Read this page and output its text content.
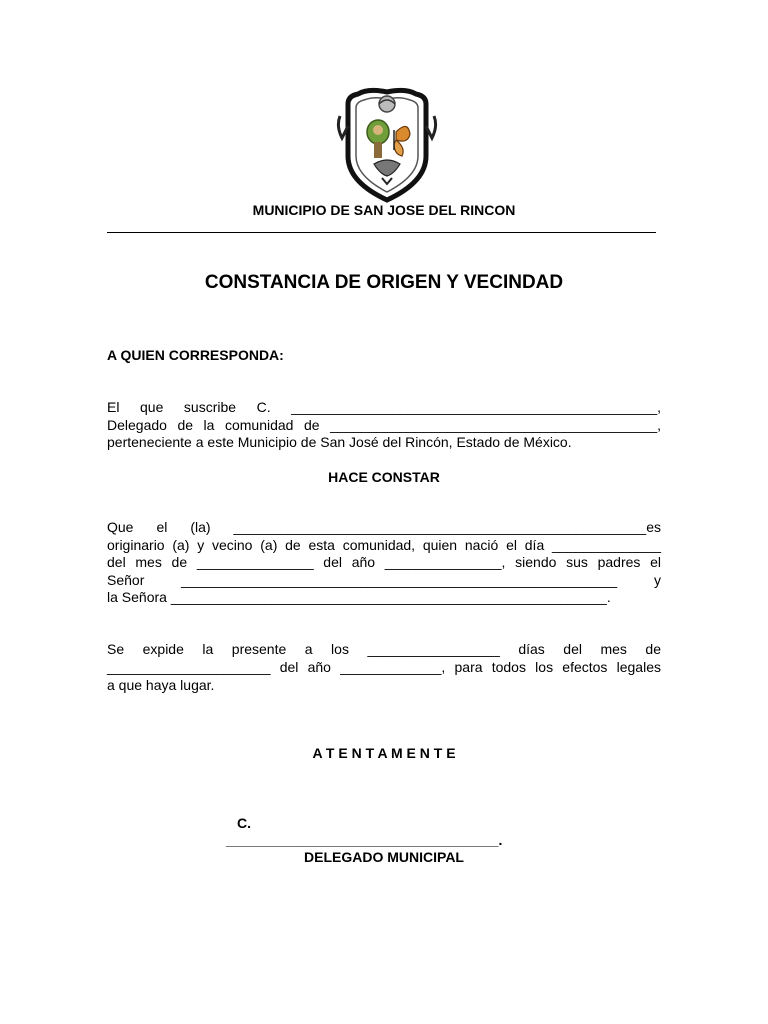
MUNICIPIO DE SAN JOSE DEL RINCON
CONSTANCIA DE ORIGEN Y VECINDAD
A QUIEN CORRESPONDA:
El que suscribe C. _______________________________________________,
Delegado de la comunidad de __________________________________________,
perteneciente a este Municipio de San José del Rincón, Estado de México.
HACE CONSTAR
Que el (la) _____________________________________________________es
originario (a) y vecino (a) de esta comunidad, quien nació el día ______________
del mes de _______________ del año _______________, siendo sus padres el
Señor ________________________________________________________ y
la Señora ________________________________________________________.
Se expide la presente a los _________________ días del mes de
_____________________ del año _____________, para todos los efectos legales
a que haya lugar.
A T E N T A M E N T E
C.
___________________________________.
DELEGADO MUNICIPAL
